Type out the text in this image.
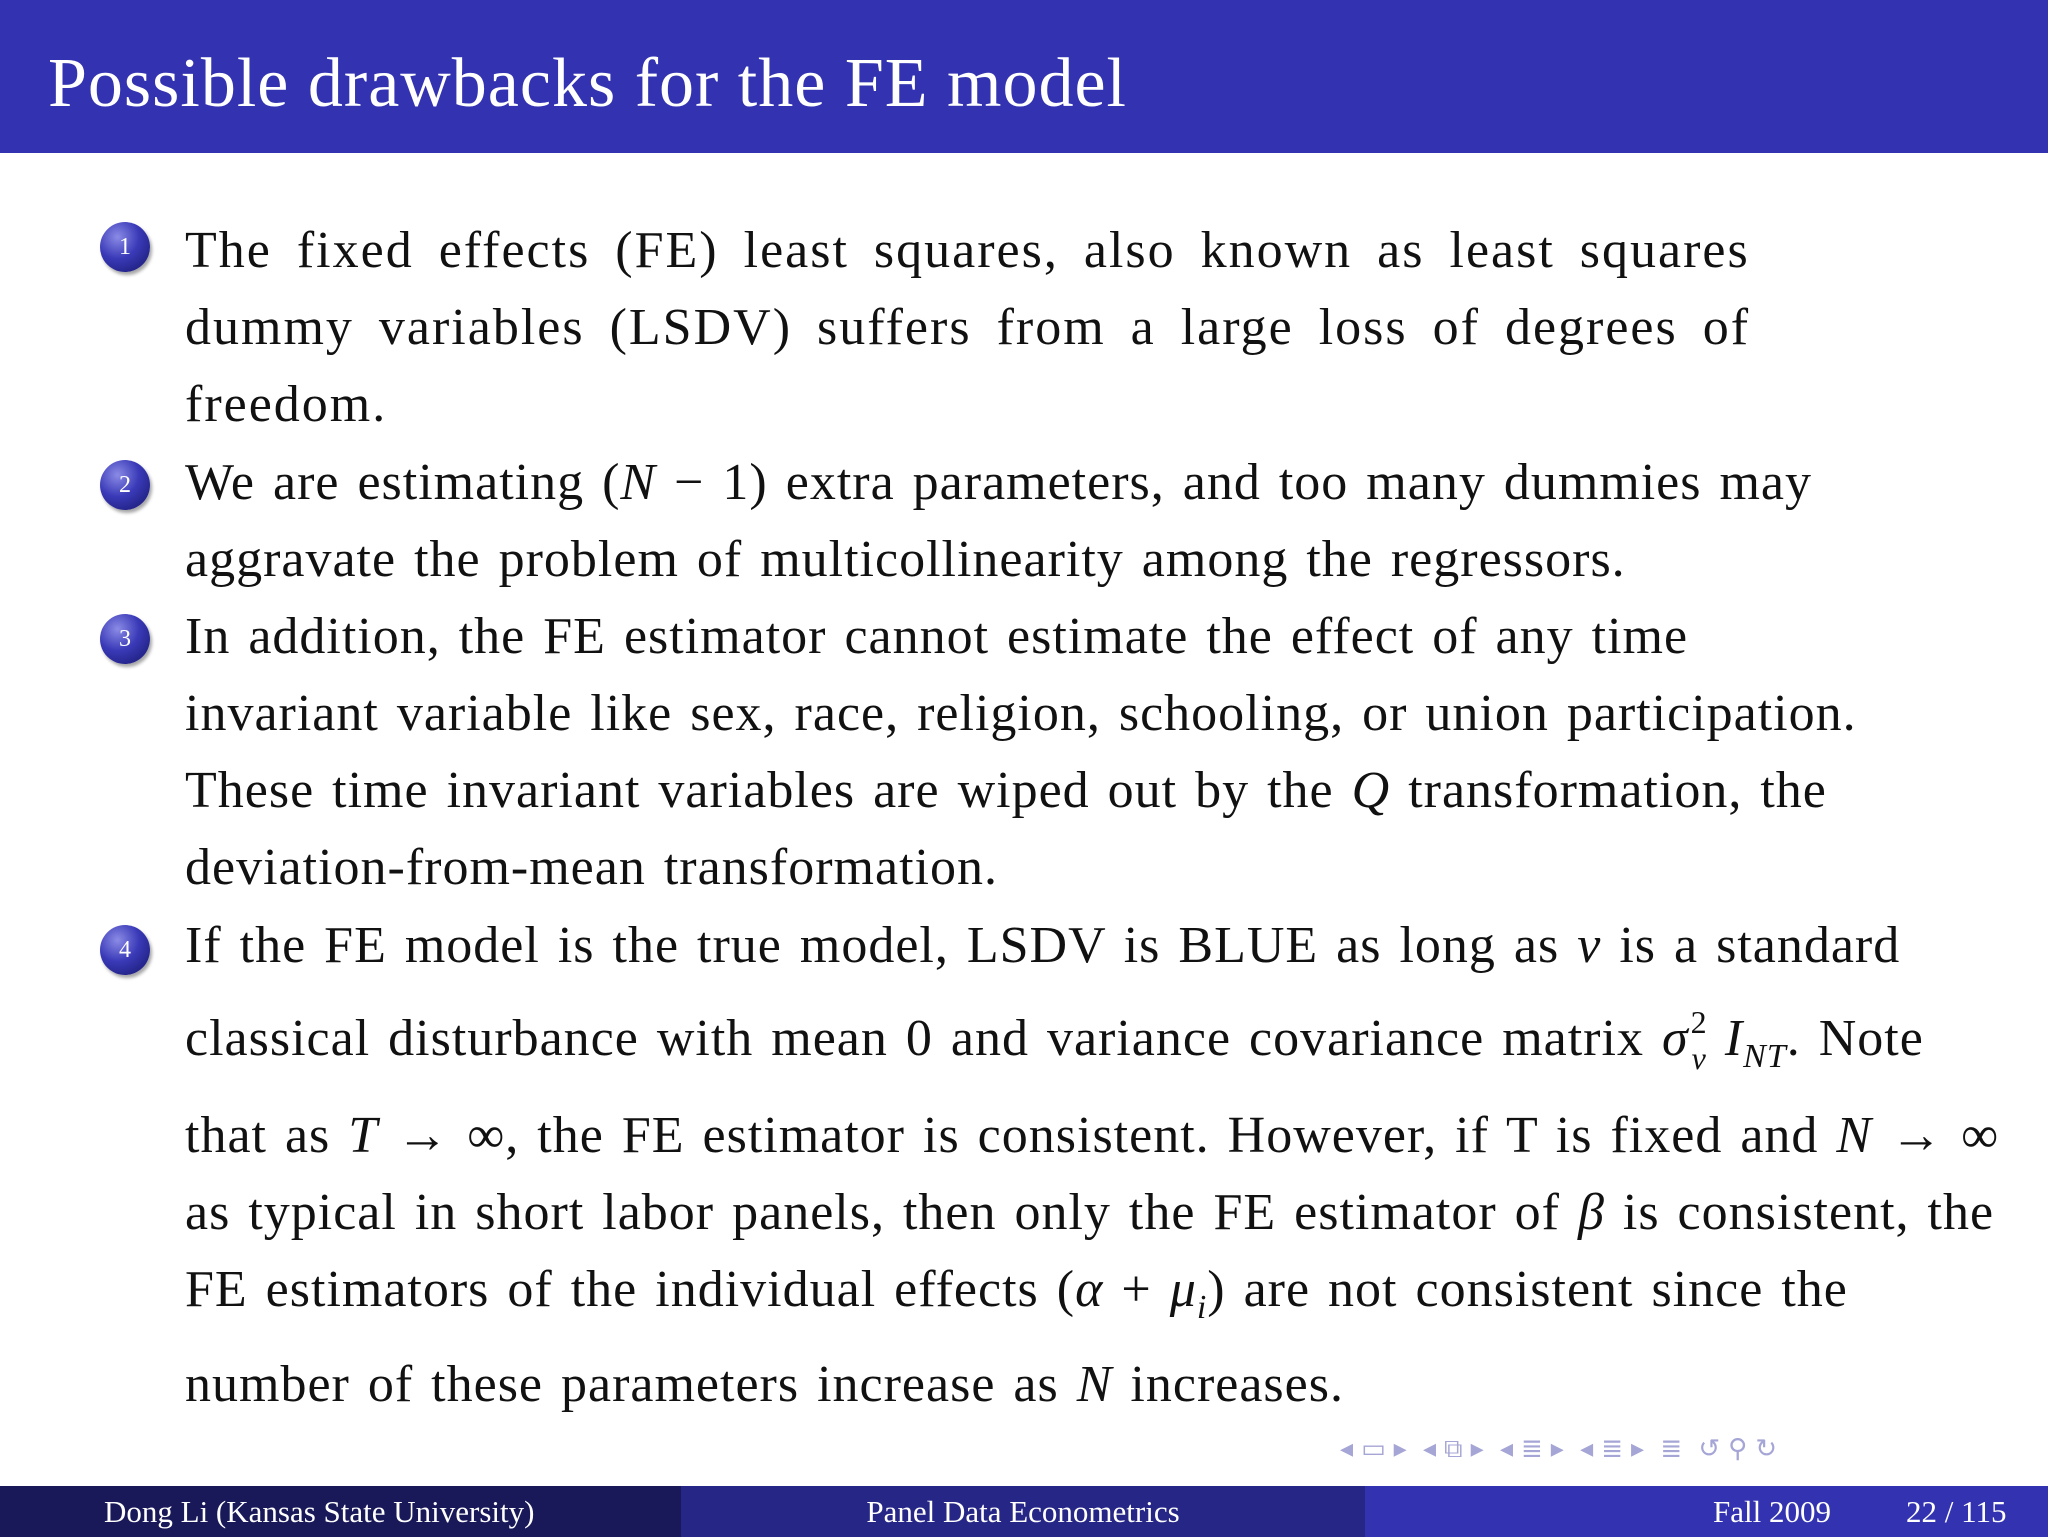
Possible drawbacks for the FE model
1	The fixed effects (FE) least squares, also known as least squares dummy variables (LSDV) suffers from a large loss of degrees of freedom.
2	We are estimating (N − 1) extra parameters, and too many dummies may aggravate the problem of multicollinearity among the regressors.
3	In addition, the FE estimator cannot estimate the effect of any time invariant variable like sex, race, religion, schooling, or union participation. These time invariant variables are wiped out by the Q transformation, the deviation-from-mean transformation.
4	If the FE model is the true model, LSDV is BLUE as long as v is a standard classical disturbance with mean 0 and variance covariance matrix $\sigma^2_v$ $I_{NT}$. Note that as T → ∞, the FE estimator is consistent. However, if T is fixed and N → ∞ as typical in short labor panels, then only the FE estimator of β is consistent, the FE estimators of the individual effects $(\alpha + \mu_i)$ are not consistent since the number of these parameters increase as N increases.
◂ ▭ ▸ ◂ ⧉ ▸ ◂ ≣ ▸ ◂ ≣ ▸ ≣ ↺ ⚲ ↻
Dong Li (Kansas State University)	Panel Data Econometrics	Fall 2009 22 / 115
